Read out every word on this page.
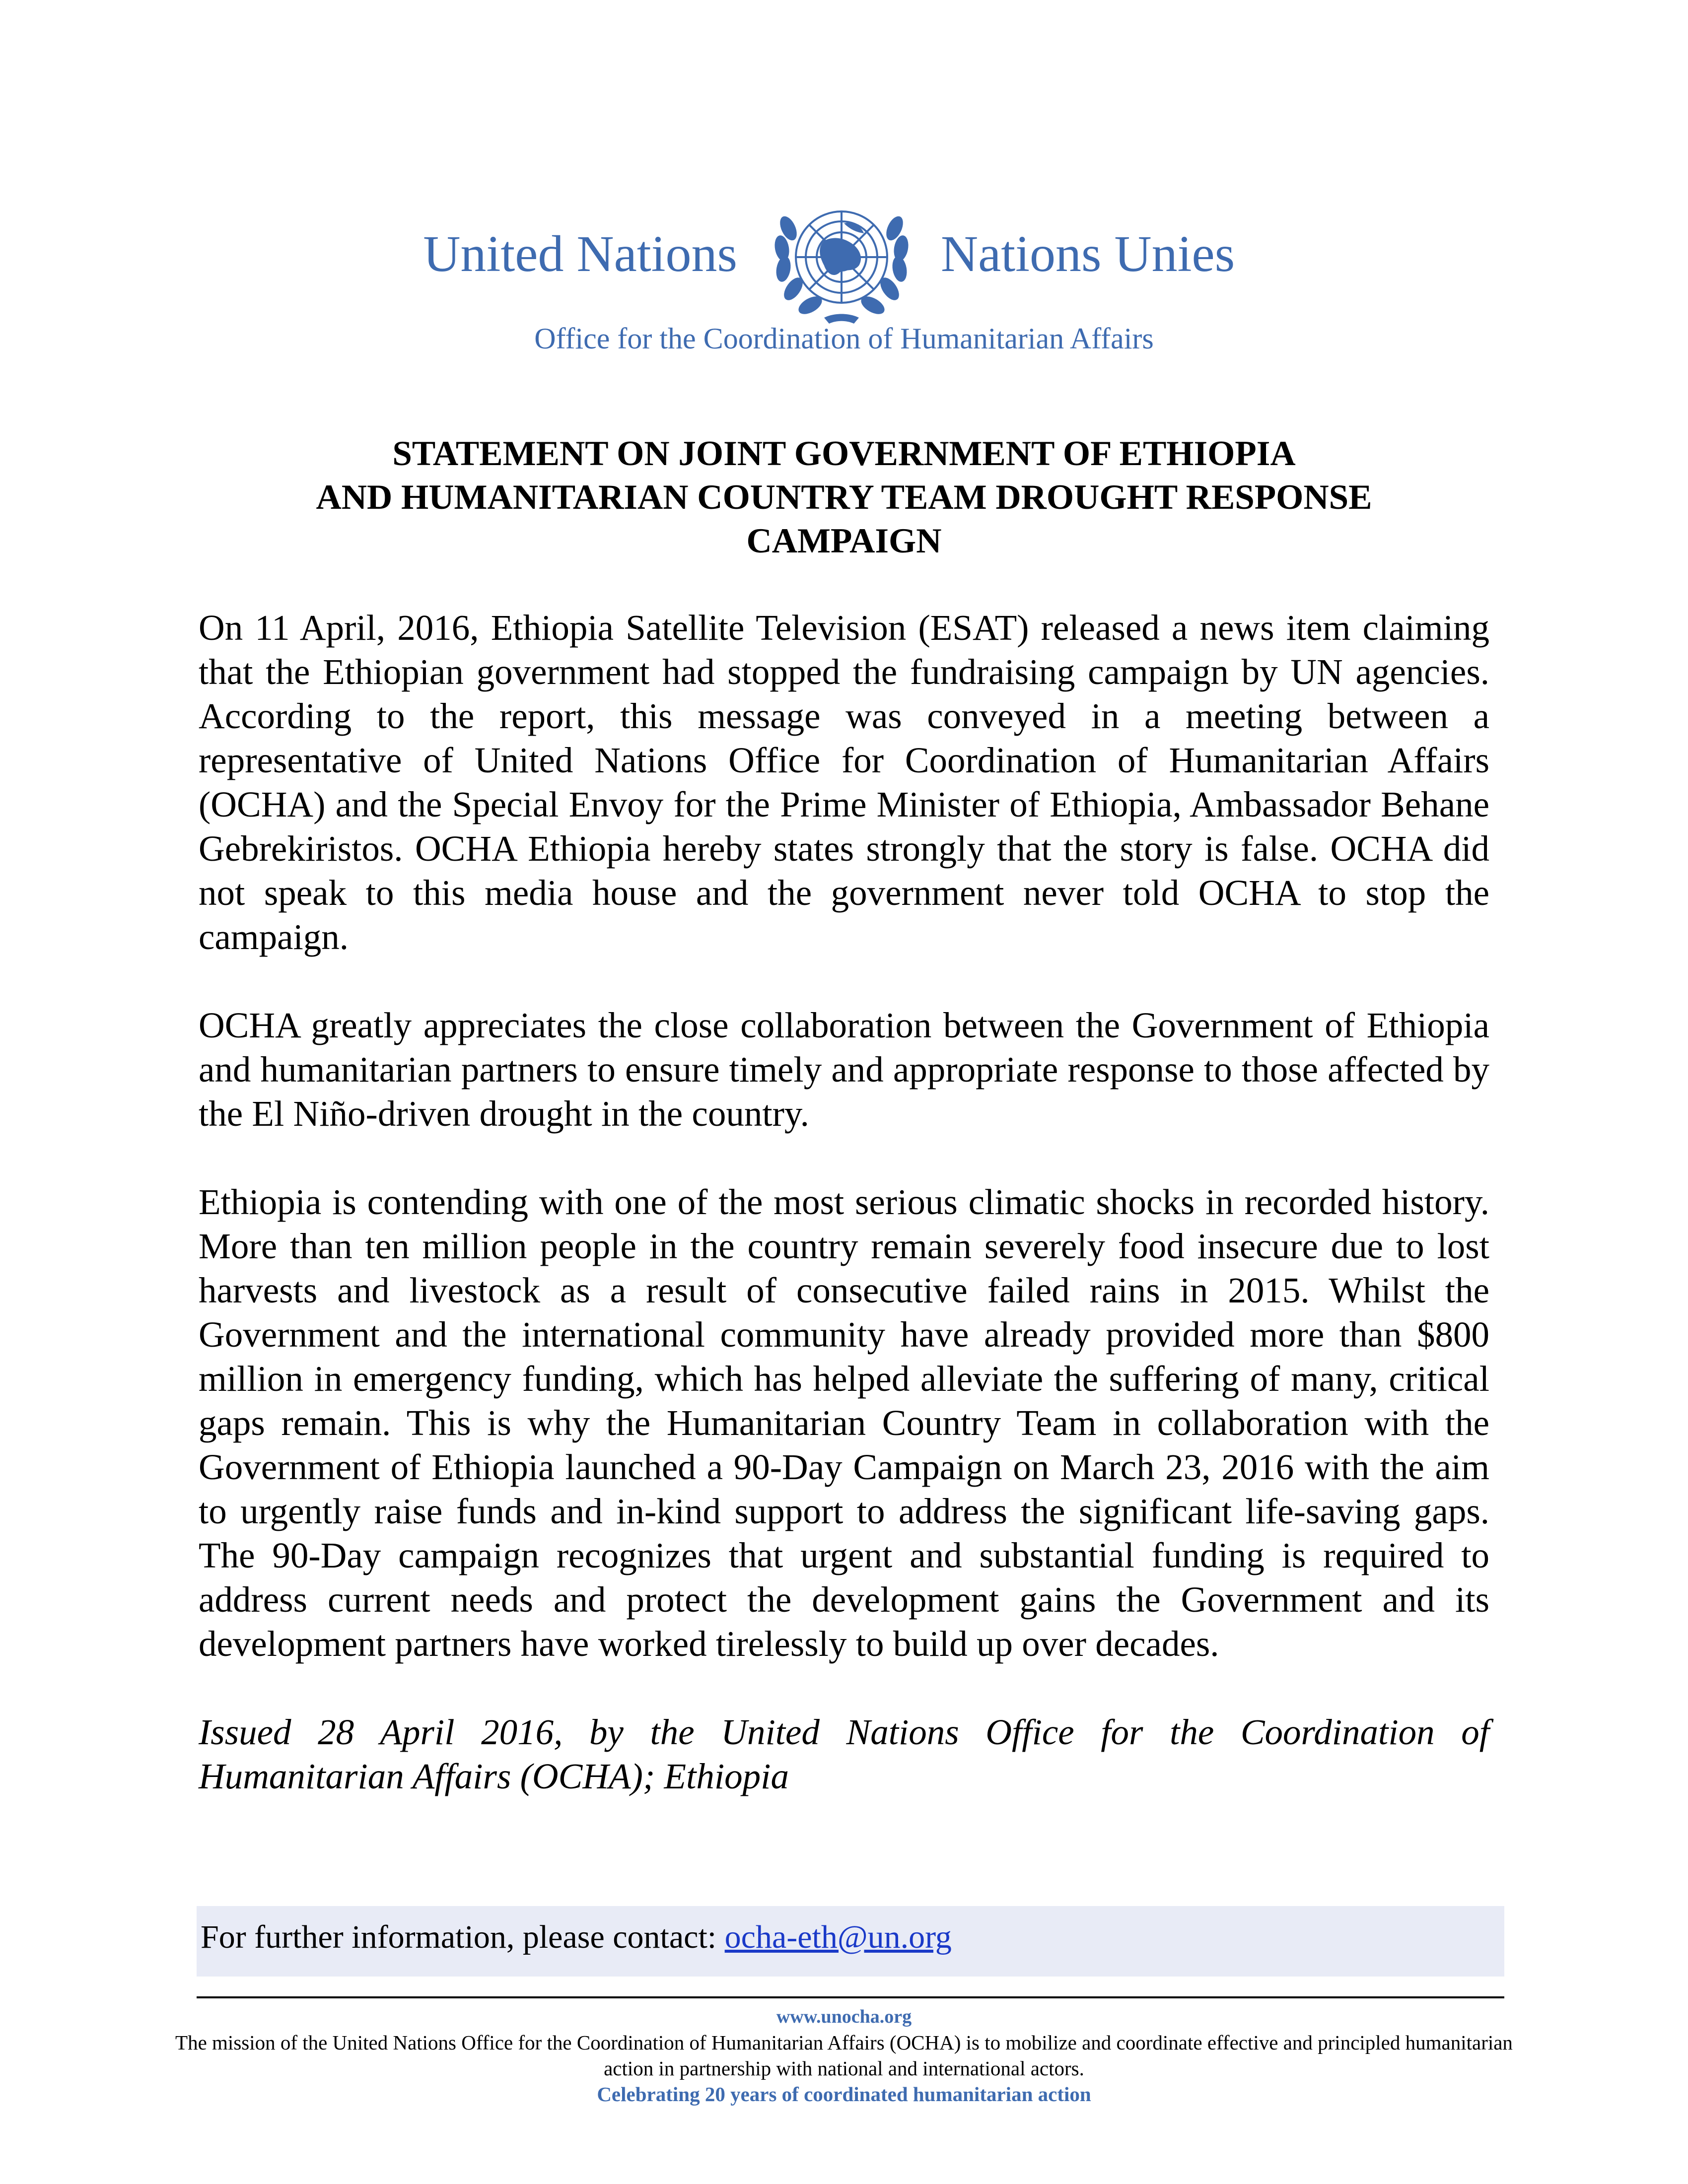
United Nations	Nations Unies
Office for the Coordination of Humanitarian Affairs
STATEMENT ON JOINT GOVERNMENT OF ETHIOPIA
AND HUMANITARIAN COUNTRY TEAM DROUGHT RESPONSE
CAMPAIGN

On 11 April, 2016, Ethiopia Satellite Television (ESAT) released a news item claiming that the Ethiopian government had stopped the fundraising campaign by UN agencies. According to the report, this message was conveyed in a meeting between a representative of United Nations Office for Coordination of Humanitarian Affairs (OCHA) and the Special Envoy for the Prime Minister of Ethiopia, Ambassador Behane Gebrekiristos. OCHA Ethiopia hereby states strongly that the story is false. OCHA did not speak to this media house and the government never told OCHA to stop the campaign.

OCHA greatly appreciates the close collaboration between the Government of Ethiopia and humanitarian partners to ensure timely and appropriate response to those affected by the El Niño-driven drought in the country.

Ethiopia is contending with one of the most serious climatic shocks in recorded history. More than ten million people in the country remain severely food insecure due to lost harvests and livestock as a result of consecutive failed rains in 2015. Whilst the Government and the international community have already provided more than $800 million in emergency funding, which has helped alleviate the suffering of many, critical gaps remain. This is why the Humanitarian Country Team in collaboration with the Government of Ethiopia launched a 90-Day Campaign on March 23, 2016 with the aim to urgently raise funds and in-kind support to address the significant life-saving gaps. The 90-Day campaign recognizes that urgent and substantial funding is required to address current needs and protect the development gains the Government and its development partners have worked tirelessly to build up over decades.

Issued 28 April 2016, by the United Nations Office for the Coordination of Humanitarian Affairs (OCHA); Ethiopia

For further information, please contact: ocha-eth@un.org
www.unocha.org
The mission of the United Nations Office for the Coordination of Humanitarian Affairs (OCHA) is to mobilize and coordinate effective and principled humanitarian action in partnership with national and international actors.
Celebrating 20 years of coordinated humanitarian action
